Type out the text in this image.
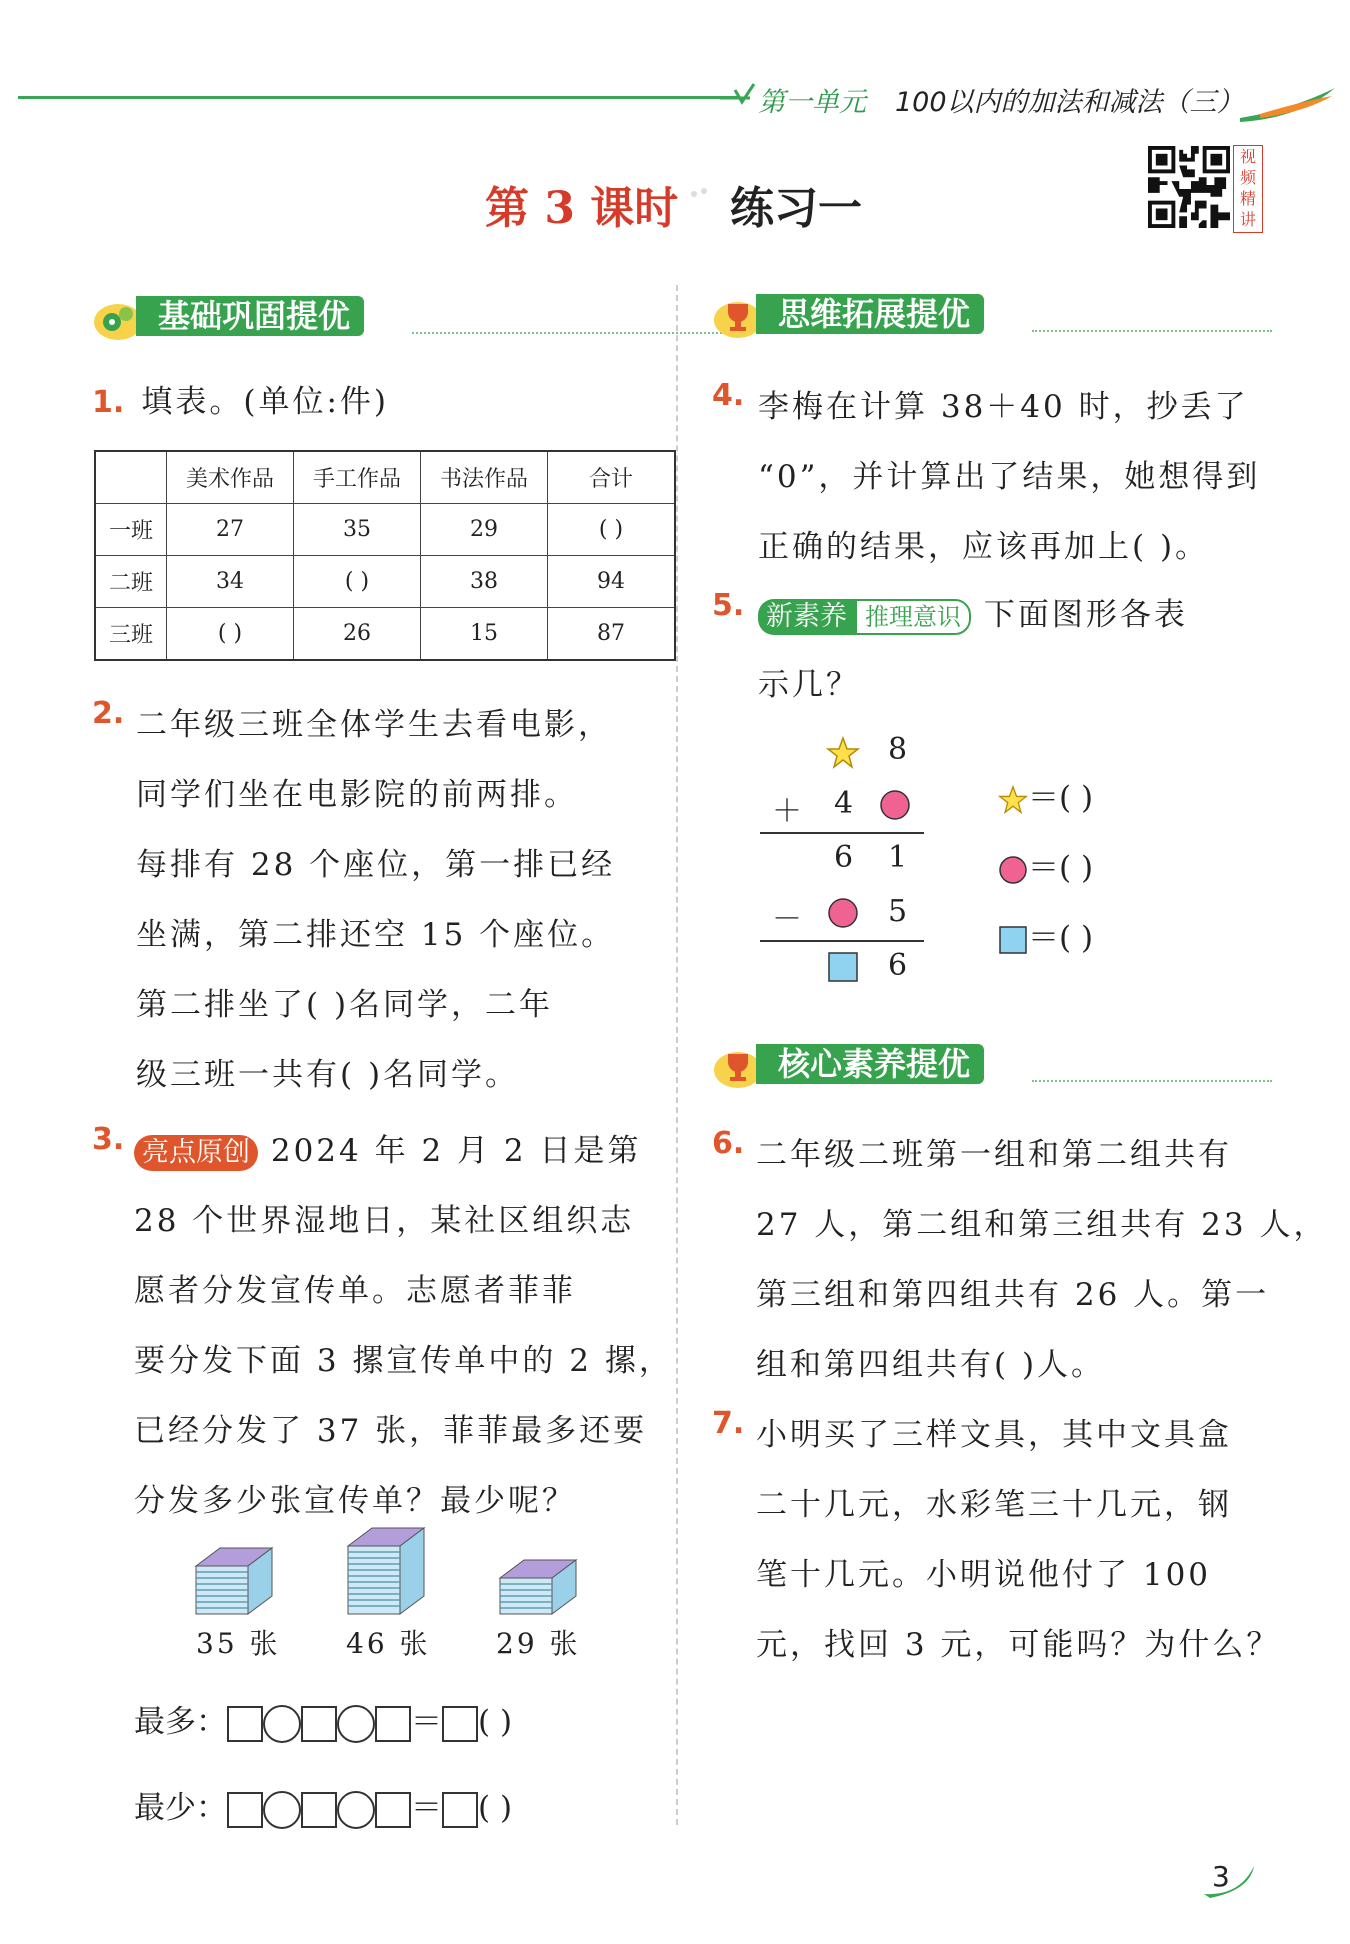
第一单元 100以内的加法和减法（三）
第 3 课时 练习一
视
频
精
讲
基础巩固提优	思维拓展提优
1. 填表。(单位:件)
	美术作品	手工作品	书法作品	合计
一班	27	35	29	( )
二班	34	( )	38	94
三班	( )	26	15	87
2. 二年级三班全体学生去看电影，
同学们坐在电影院的前两排。
每排有 28 个座位，第一排已经
坐满，第二排还空 15 个座位。
第二排坐了( )名同学，二年
级三班一共有( )名同学。
3. 亮点原创 2024 年 2 月 2 日是第
28 个世界湿地日，某社区组织志
愿者分发宣传单。志愿者菲菲
要分发下面 3 摞宣传单中的 2 摞，
已经分发了 37 张，菲菲最多还要
分发多少张宣传单？最少呢？
35 张 46 张 29 张
最多：	＝ ( )
最少：	＝ ( )
4. 李梅在计算 38＋40 时，抄丢了
“0”，并计算出了结果，她想得到
正确的结果，应该再加上( )。
5. 新素养 推理意识 下面图形各表
示几？
8
＋ 4
6 1
－	5
6
＝( )
＝( )
＝( )
核心素养提优
6. 二年级二班第一组和第二组共有
27 人，第二组和第三组共有 23 人，
第三组和第四组共有 26 人。第一
组和第四组共有( )人。
7. 小明买了三样文具，其中文具盒
二十几元，水彩笔三十几元，钢
笔十几元。小明说他付了 100
元，找回 3 元，可能吗？为什么？
3
